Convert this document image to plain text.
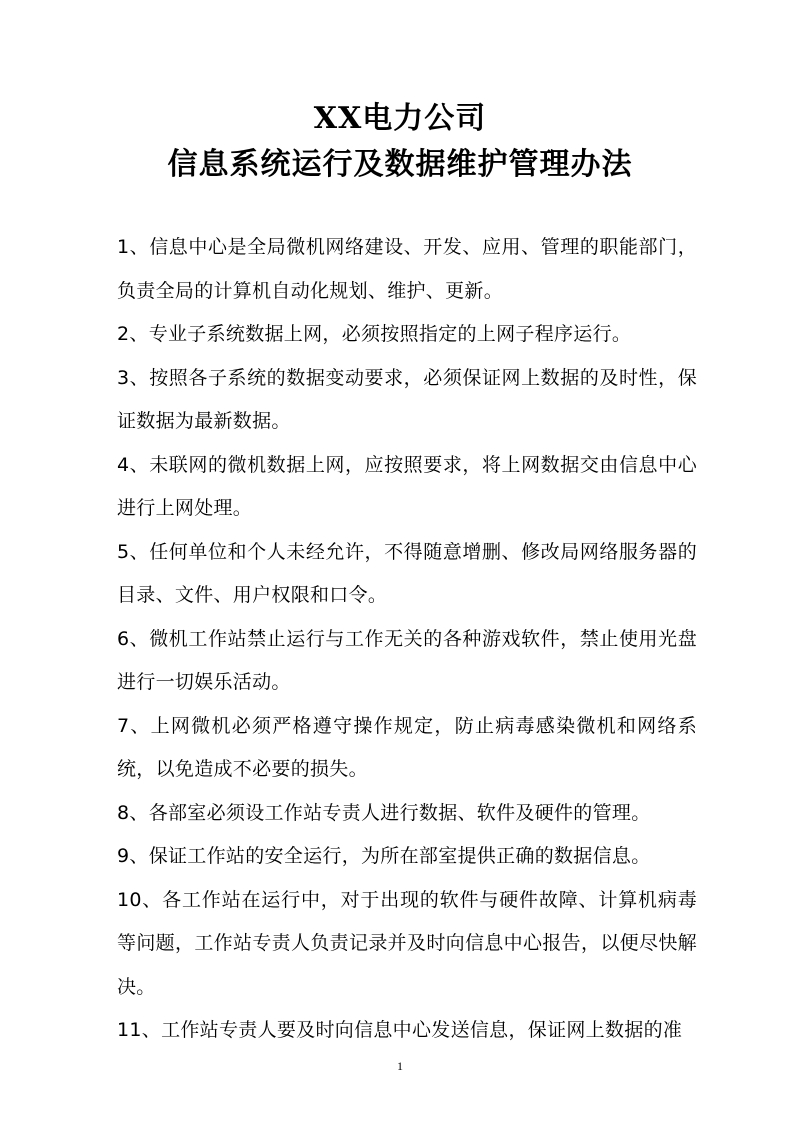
XX电力公司
信息系统运行及数据维护管理办法

1、信息中心是全局微机网络建设、开发、应用、管理的职能部门，负责全局的计算机自动化规划、维护、更新。

2、专业子系统数据上网，必须按照指定的上网子程序运行。

3、按照各子系统的数据变动要求，必须保证网上数据的及时性，保证数据为最新数据。

4、未联网的微机数据上网，应按照要求，将上网数据交由信息中心进行上网处理。

5、任何单位和个人未经允许，不得随意增删、修改局网络服务器的目录、文件、用户权限和口令。

6、微机工作站禁止运行与工作无关的各种游戏软件，禁止使用光盘进行一切娱乐活动。

7、上网微机必须严格遵守操作规定，防止病毒感染微机和网络系统，以免造成不必要的损失。

8、各部室必须设工作站专责人进行数据、软件及硬件的管理。

9、保证工作站的安全运行，为所在部室提供正确的数据信息。

10、各工作站在运行中，对于出现的软件与硬件故障、计算机病毒等问题，工作站专责人负责记录并及时向信息中心报告，以便尽快解决。

11、工作站专责人要及时向信息中心发送信息，保证网上数据的准

1
